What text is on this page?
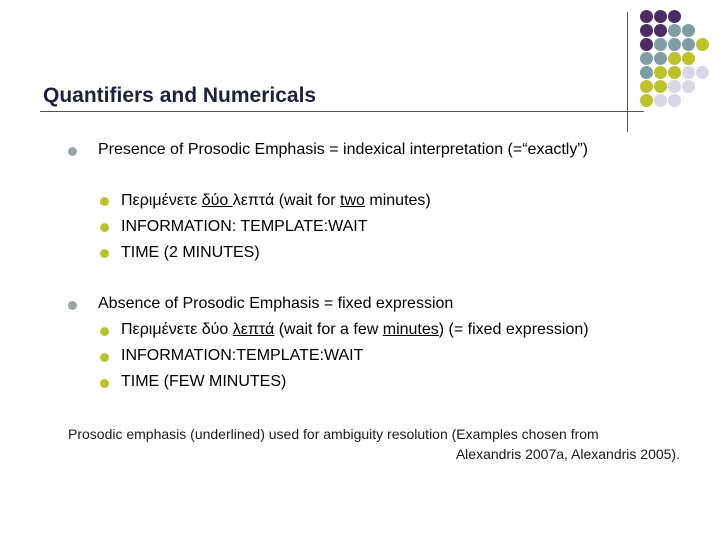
Quantifiers and Numericals
Presence of Prosodic Emphasis = indexical interpretation (=“exactly”)
Περιμένετε δύο λεπτά (wait for two minutes)
INFORMATION: TEMPLATE:WAIT
TIME (2 MINUTES)
Absence of Prosodic Emphasis = fixed expression
Περιμένετε δύο λεπτά (wait for a few minutes) (= fixed expression)
INFORMATION:TEMPLATE:WAIT
TIME (FEW MINUTES)
Prosodic emphasis (underlined) used for ambiguity resolution (Examples chosen from
Alexandris 2007a, Alexandris 2005).
